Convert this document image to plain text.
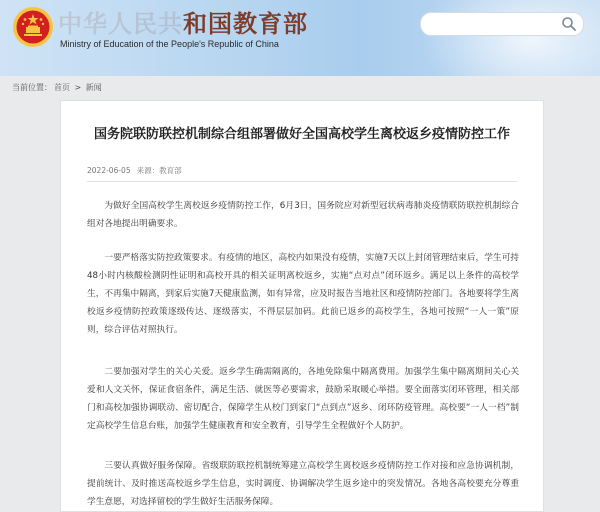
中华人民共和国教育部
Ministry of Education of the People's Republic of China
当前位置： 首页 > 新闻
国务院联防联控机制综合组部署做好全国高校学生离校返乡疫情防控工作
2022-06-05 来源：教育部
为做好全国高校学生离校返乡疫情防控工作，6月3日，国务院应对新型冠状病毒肺炎疫情联防联控机制综合组对各地提出明确要求。
一要严格落实防控政策要求。有疫情的地区，高校内如果没有疫情，实施7天以上封闭管理结束后，学生可持48小时内核酸检测阴性证明和高校开具的相关证明离校返乡，实施“点对点”闭环返乡。满足以上条件的高校学生，不再集中隔离，到家后实施7天健康监测，如有异常，应及时报告当地社区和疫情防控部门。各地要将学生离校返乡疫情防控政策逐级传达、逐级落实，不得层层加码。此前已返乡的高校学生，各地可按照“一人一策”原则，综合评估对照执行。
二要加强对学生的关心关爱。返乡学生确需隔离的，各地免除集中隔离费用。加强学生集中隔离期间关心关爱和人文关怀，保证食宿条件，满足生活、就医等必要需求，鼓励采取暖心举措。要全面落实闭环管理，相关部门和高校加强协调联动、密切配合，保障学生从校门到家门“点到点”返乡、闭环防疫管理。高校要“一人一档”制定高校学生信息台账，加强学生健康教育和安全教育，引导学生全程做好个人防护。
三要认真做好服务保障。省级联防联控机制统筹建立高校学生离校返乡疫情防控工作对接和应急协调机制，提前统计、及时推送高校返乡学生信息，实时调度、协调解决学生返乡途中的突发情况。各地各高校要充分尊重学生意愿，对选择留校的学生做好生活服务保障。
